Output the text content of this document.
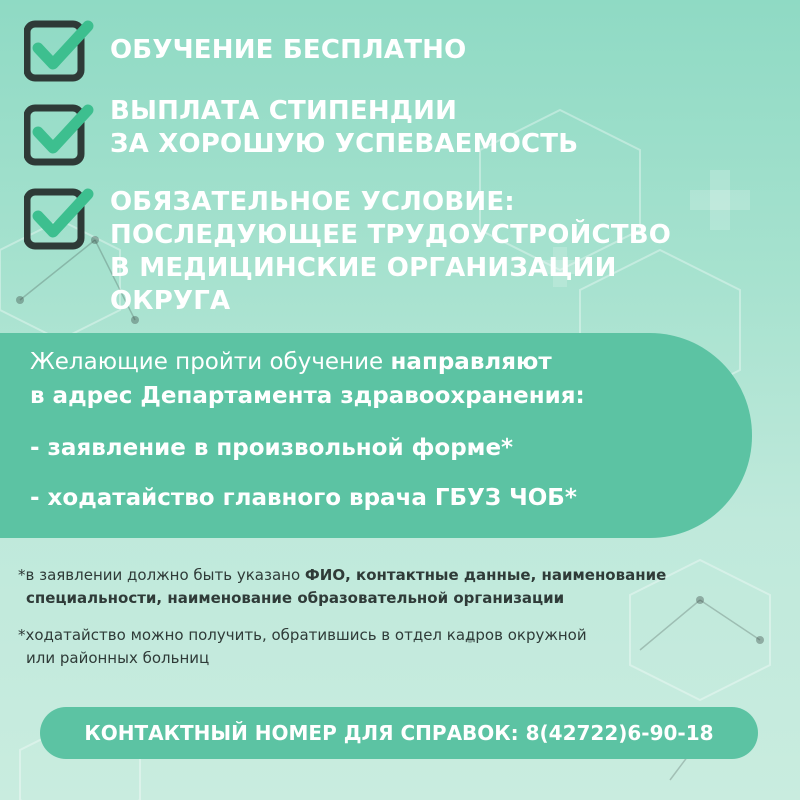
ОБУЧЕНИЕ БЕСПЛАТНО
ВЫПЛАТА СТИПЕНДИИ
ЗА ХОРОШУЮ УСПЕВАЕМОСТЬ
ОБЯЗАТЕЛЬНОЕ УСЛОВИЕ:
ПОСЛЕДУЮЩЕЕ ТРУДОУСТРОЙСТВО
В МЕДИЦИНСКИЕ ОРГАНИЗАЦИИ
ОКРУГА
Желающие пройти обучение направляют
в адрес Департамента здравоохранения:
- заявление в произвольной форме*
- ходатайство главного врача ГБУЗ ЧОБ*
*в заявлении должно быть указано ФИО, контактные данные, наименование
специальности, наименование образовательной организации
*ходатайство можно получить, обратившись в отдел кадров окружной
или районных больниц
КОНТАКТНЫЙ НОМЕР ДЛЯ СПРАВОК: 8(42722)6-90-18
